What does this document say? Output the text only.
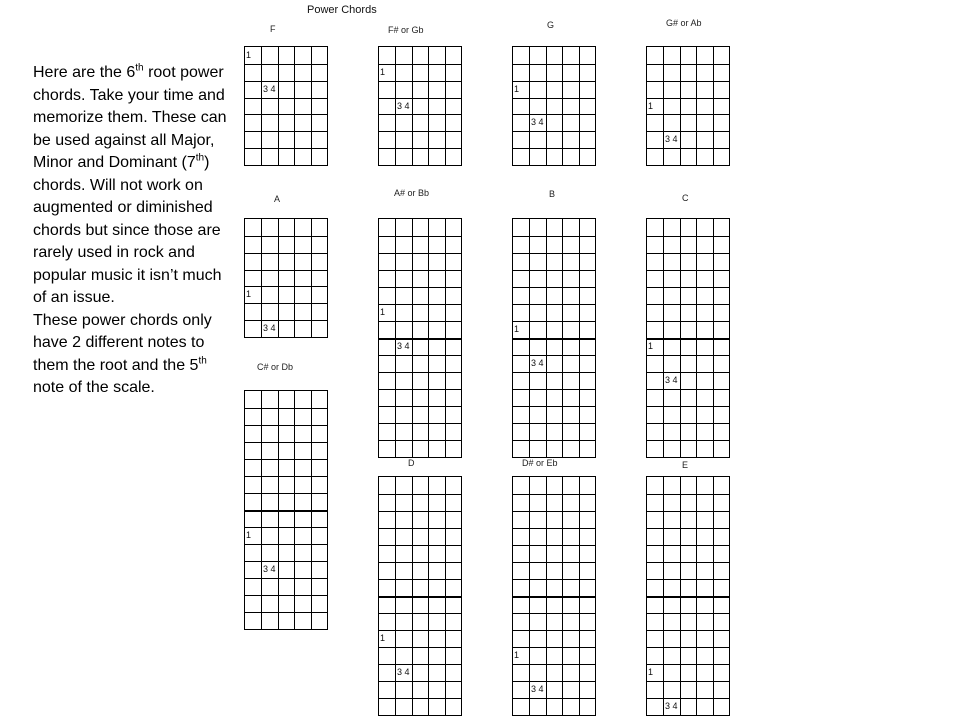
Power Chords

Here are the 6th root power chords. Take your time and memorize them. These can be used against all Major, Minor and Dominant (7th) chords. Will not work on augmented or diminished chords but since those are rarely used in rock and popular music it isn’t much of an issue.

These power chords only have 2 different notes to them the root and the 5th note of the scale.

F
1
3 4
F# or Gb
1
3 4
G
1
3 4
G# or Ab
1
3 4
A
1
3 4
A# or Bb
1
3 4
B
1
3 4
C
1
3 4
C# or Db
1
3 4
D
1
3 4
D# or Eb
1
3 4
E
1
3 4
